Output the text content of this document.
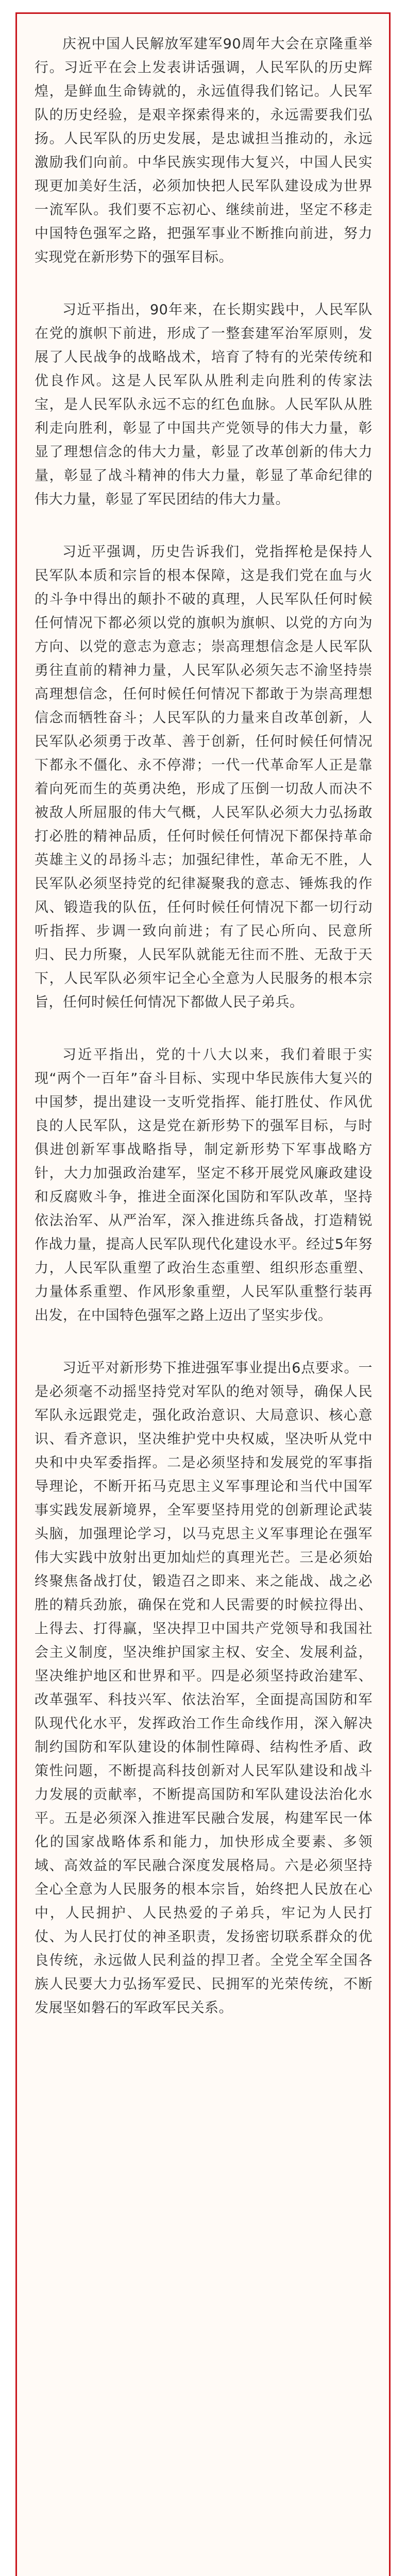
庆祝中国人民解放军建军90周年大会在京隆重举行。习近平在会上发表讲话强调，人民军队的历史辉煌，是鲜血生命铸就的，永远值得我们铭记。人民军队的历史经验，是艰辛探索得来的，永远需要我们弘扬。人民军队的历史发展，是忠诚担当推动的，永远激励我们向前。中华民族实现伟大复兴，中国人民实现更加美好生活，必须加快把人民军队建设成为世界一流军队。我们要不忘初心、继续前进，坚定不移走中国特色强军之路，把强军事业不断推向前进，努力实现党在新形势下的强军目标。

习近平指出，90年来，在长期实践中，人民军队在党的旗帜下前进，形成了一整套建军治军原则，发展了人民战争的战略战术，培育了特有的光荣传统和优良作风。这是人民军队从胜利走向胜利的传家法宝，是人民军队永远不忘的红色血脉。人民军队从胜利走向胜利，彰显了中国共产党领导的伟大力量，彰显了理想信念的伟大力量，彰显了改革创新的伟大力量，彰显了战斗精神的伟大力量，彰显了革命纪律的伟大力量，彰显了军民团结的伟大力量。

习近平强调，历史告诉我们，党指挥枪是保持人民军队本质和宗旨的根本保障，这是我们党在血与火的斗争中得出的颠扑不破的真理，人民军队任何时候任何情况下都必须以党的旗帜为旗帜、以党的方向为方向、以党的意志为意志；崇高理想信念是人民军队勇往直前的精神力量，人民军队必须矢志不渝坚持崇高理想信念，任何时候任何情况下都敢于为崇高理想信念而牺牲奋斗；人民军队的力量来自改革创新，人民军队必须勇于改革、善于创新，任何时候任何情况下都永不僵化、永不停滞；一代一代革命军人正是靠着向死而生的英勇决绝，形成了压倒一切敌人而决不被敌人所屈服的伟大气概，人民军队必须大力弘扬敢打必胜的精神品质，任何时候任何情况下都保持革命英雄主义的昂扬斗志；加强纪律性，革命无不胜，人民军队必须坚持党的纪律凝聚我的意志、锤炼我的作风、锻造我的队伍，任何时候任何情况下都一切行动听指挥、步调一致向前进；有了民心所向、民意所归、民力所聚，人民军队就能无往而不胜、无敌于天下，人民军队必须牢记全心全意为人民服务的根本宗旨，任何时候任何情况下都做人民子弟兵。

习近平指出，党的十八大以来，我们着眼于实现“两个一百年”奋斗目标、实现中华民族伟大复兴的中国梦，提出建设一支听党指挥、能打胜仗、作风优良的人民军队，这是党在新形势下的强军目标，与时俱进创新军事战略指导，制定新形势下军事战略方针，大力加强政治建军，坚定不移开展党风廉政建设和反腐败斗争，推进全面深化国防和军队改革，坚持依法治军、从严治军，深入推进练兵备战，打造精锐作战力量，提高人民军队现代化建设水平。经过5年努力，人民军队重塑了政治生态重塑、组织形态重塑、力量体系重塑、作风形象重塑，人民军队重整行装再出发，在中国特色强军之路上迈出了坚实步伐。

习近平对新形势下推进强军事业提出6点要求。一是必须毫不动摇坚持党对军队的绝对领导，确保人民军队永远跟党走，强化政治意识、大局意识、核心意识、看齐意识，坚决维护党中央权威，坚决听从党中央和中央军委指挥。二是必须坚持和发展党的军事指导理论，不断开拓马克思主义军事理论和当代中国军事实践发展新境界，全军要坚持用党的创新理论武装头脑，加强理论学习，以马克思主义军事理论在强军伟大实践中放射出更加灿烂的真理光芒。三是必须始终聚焦备战打仗，锻造召之即来、来之能战、战之必胜的精兵劲旅，确保在党和人民需要的时候拉得出、上得去、打得赢，坚决捍卫中国共产党领导和我国社会主义制度，坚决维护国家主权、安全、发展利益，坚决维护地区和世界和平。四是必须坚持政治建军、改革强军、科技兴军、依法治军，全面提高国防和军队现代化水平，发挥政治工作生命线作用，深入解决制约国防和军队建设的体制性障碍、结构性矛盾、政策性问题，不断提高科技创新对人民军队建设和战斗力发展的贡献率，不断提高国防和军队建设法治化水平。五是必须深入推进军民融合发展，构建军民一体化的国家战略体系和能力，加快形成全要素、多领域、高效益的军民融合深度发展格局。六是必须坚持全心全意为人民服务的根本宗旨，始终把人民放在心中，人民拥护、人民热爱的子弟兵，牢记为人民打仗、为人民打仗的神圣职责，发扬密切联系群众的优良传统，永远做人民利益的捍卫者。全党全军全国各族人民要大力弘扬军爱民、民拥军的光荣传统，不断发展坚如磐石的军政军民关系。
